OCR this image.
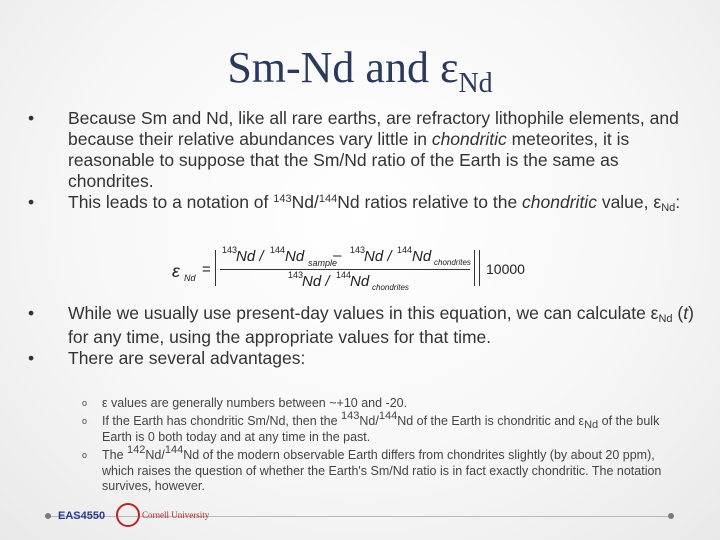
Sm-Nd and $\varepsilon_{Nd}$
• Because Sm and Nd, like all rare earths, are refractory lithophile elements, and because their relative abundances vary little in chondritic meteorites, it is reasonable to suppose that the Sm/Nd ratio of the Earth is the same as chondrites.
• This leads to a notation of $^{143}$Nd/$^{144}$Nd ratios relative to the chondritic value, εNd:
ε Nd =
143
Nd / 144 Nd sample
– 143
Nd / 144 Nd chondrites
143
Nd / 144
Nd chondrites
10000
• While we usually use present-day values in this equation, we can calculate εNd (t) for any time, using the appropriate values for that time.
• There are several advantages:
o ε values are generally numbers between ~+10 and -20.
o If the Earth has chondritic Sm/Nd, then the 143Nd/144Nd of the Earth is chondritic and εNd of the bulk Earth is 0 both today and at any time in the past.
o The 142Nd/144Nd of the modern observable Earth differs from chondrites slightly (by about 20 ppm), which raises the question of whether the Earth's Sm/Nd ratio is in fact exactly chondritic. The notation survives, however.
EAS4550	Cornell University
